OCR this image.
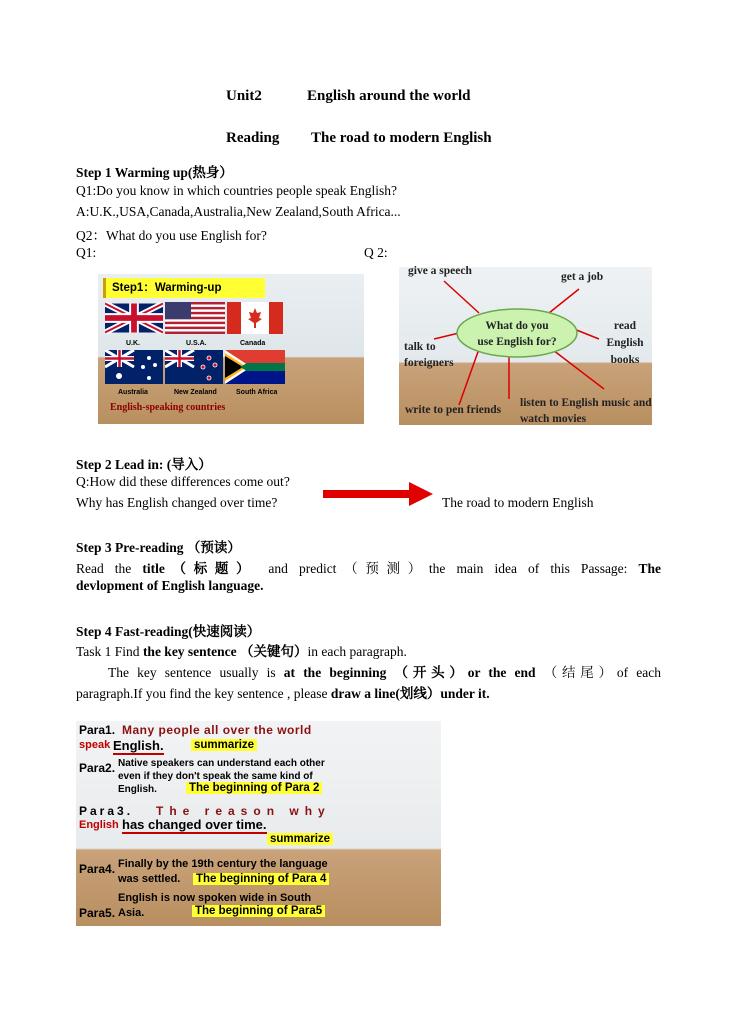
Unit2	English around the world
Reading The road to modern English
Step 1 Warming up(热身）
Q1:Do you know in which countries people speak English?
A:U.K.,USA,Canada,Australia,New Zealand,South Africa...
Q2：What do you use English for?
Q1:	Q 2:
Step1：Warming-up
U.K.	U.S.A.	Canada
Australia	New Zealand	South Africa
English-speaking countries
What do you use English for?
give a speech	get a job
talk to foreigners
read English books
write to pen friends
listen to English music and watch movies
Step 2 Lead in: (导入）
Q:How did these differences come out?
Why has English changed over time?	The road to modern English
Step 3 Pre-reading （预读）
Read the title（标题） and predict（预测）the main idea of this Passage: The
devlopment of English language.
Step 4 Fast-reading(快速阅读）
Task 1 Find the key sentence （关键句）in each paragraph.
The key sentence usually is at the beginning （开头）or the end （结尾）of each
paragraph.If you find the key sentence , please draw a line(划线）under it.
Para1. Many people all over the world
speak English.	summarize
Para2. Native speakers can understand each other
even if they don't speak the same kind of
English.	The beginning of Para 2
Para3. The reason why
English has changed over time.
summarize
Para4. Finally by the 19th century the language
was settled. The beginning of Para 4
Para5.
English is now spoken wide in South
Asia.	The beginning of Para5
